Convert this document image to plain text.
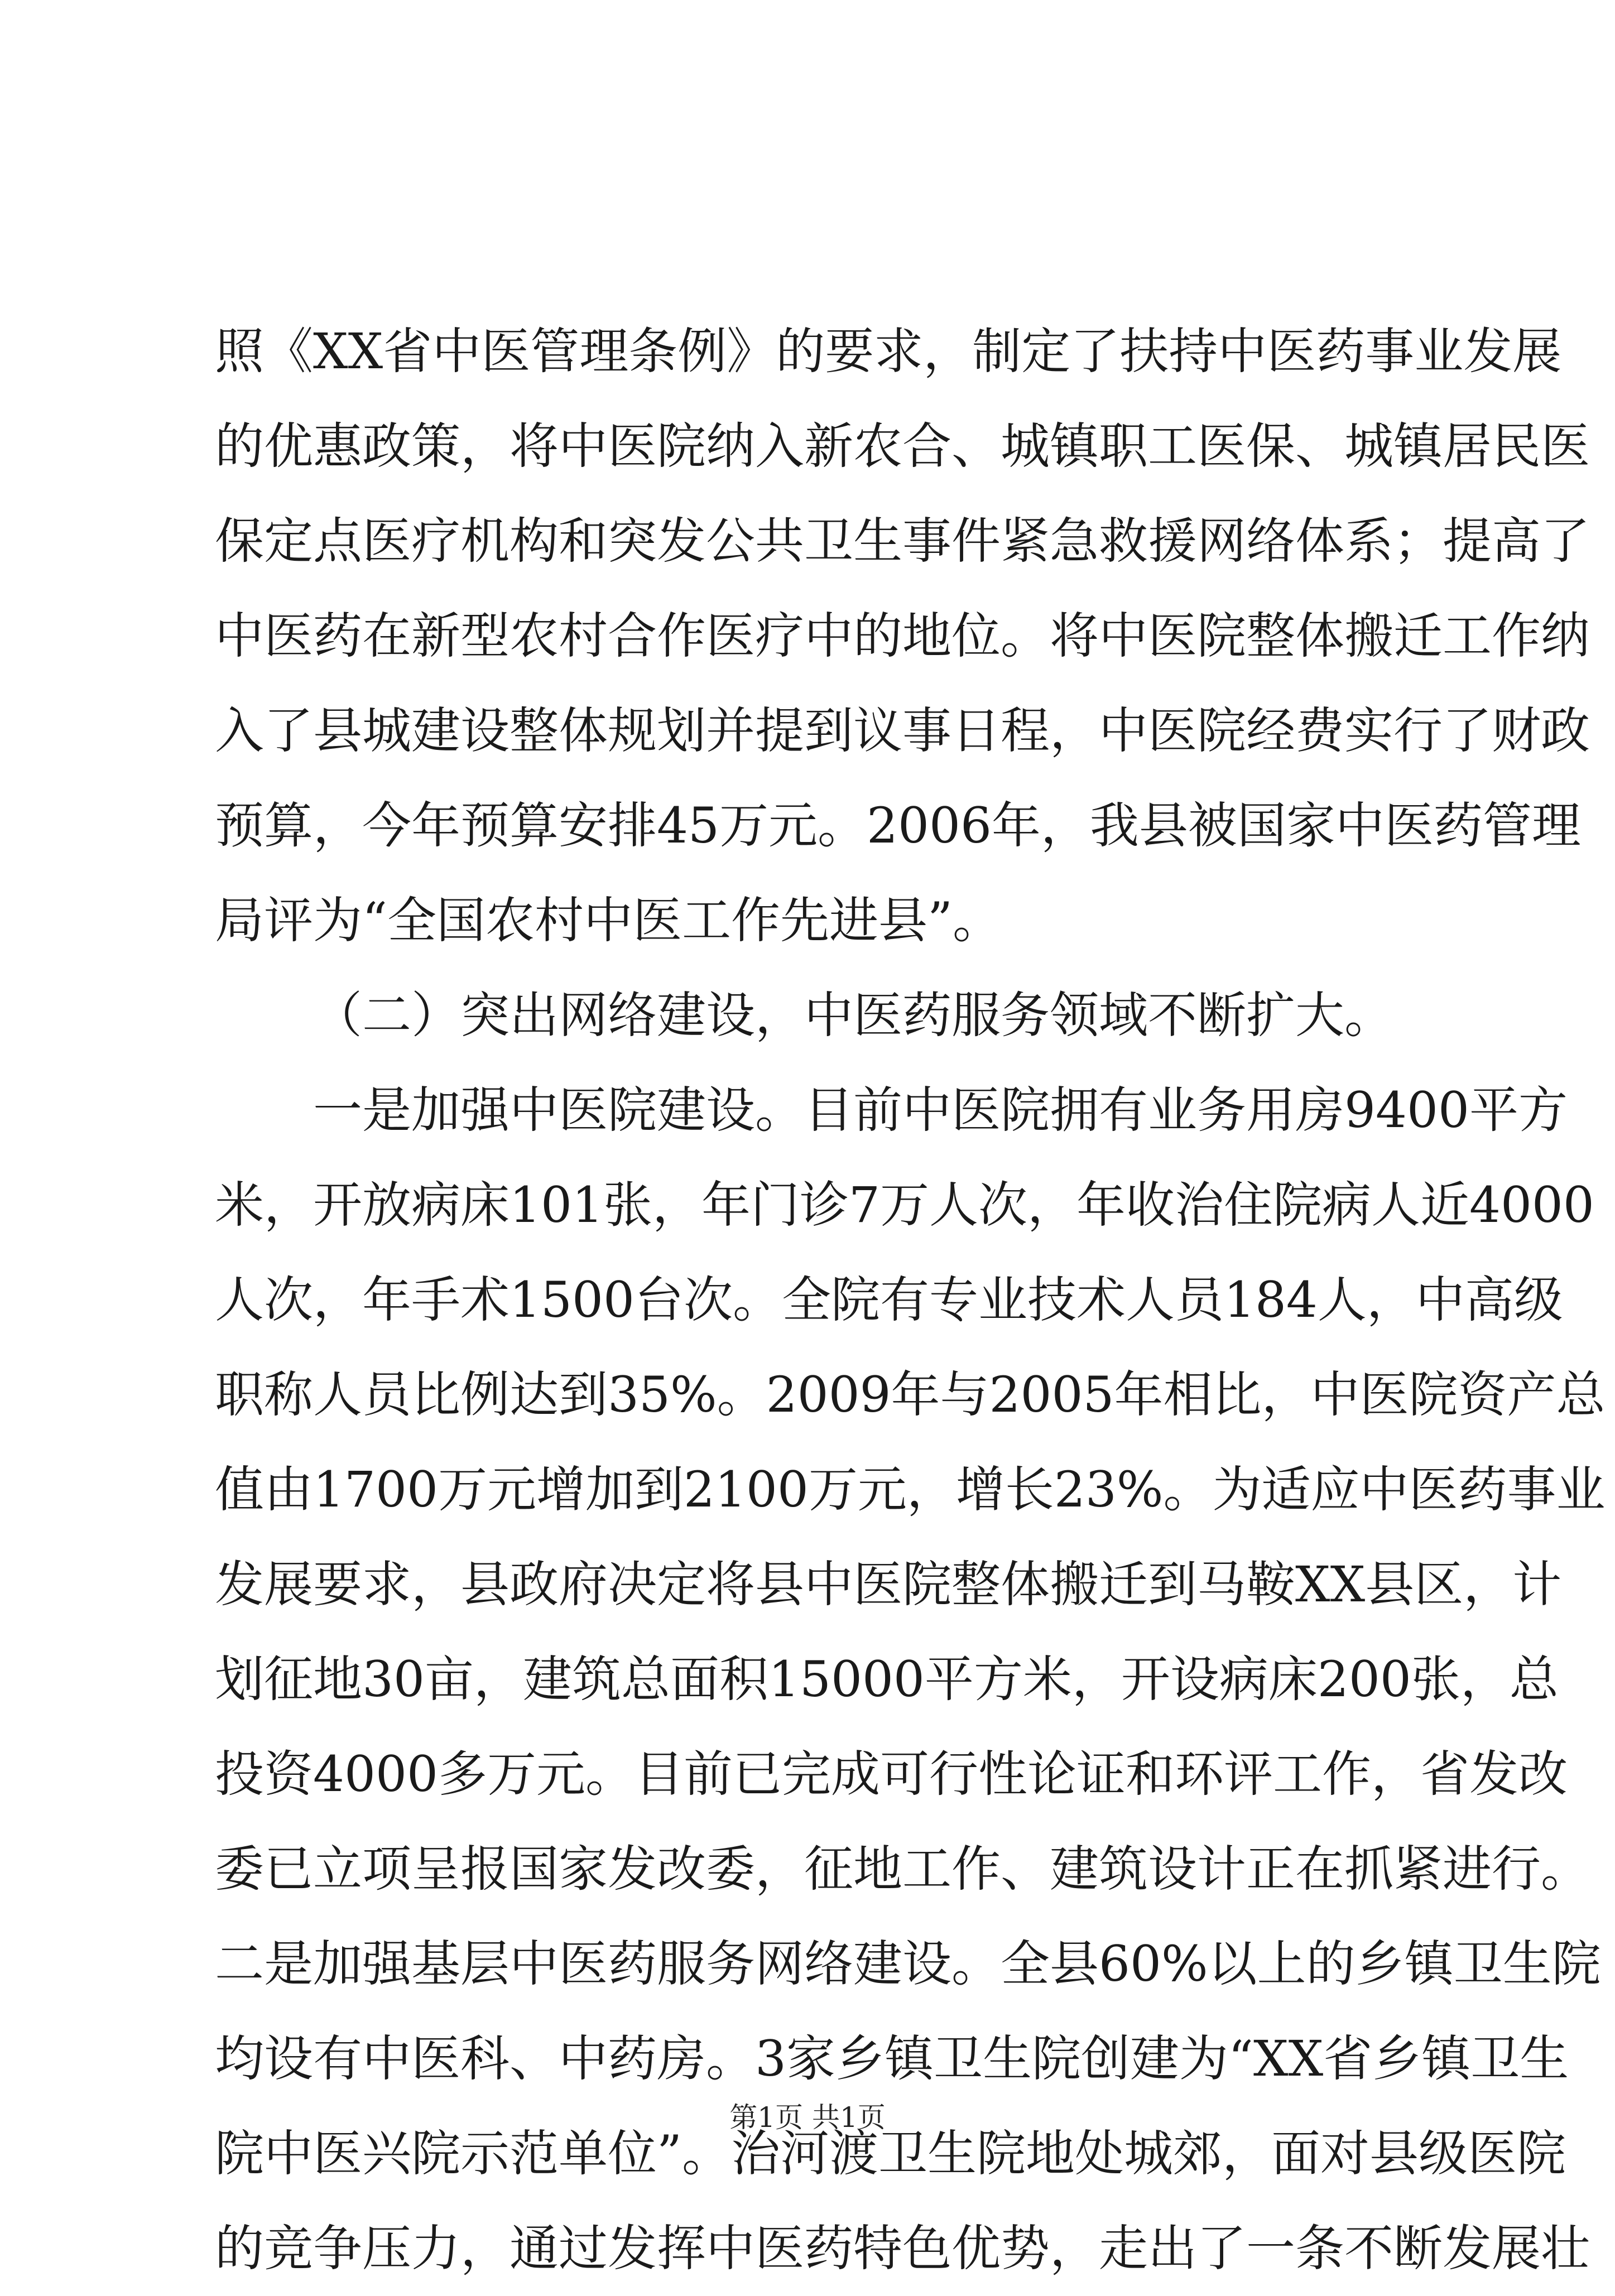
照《XX省中医管理条例》的要求，制定了扶持中医药事业发展
的优惠政策，将中医院纳入新农合、城镇职工医保、城镇居民医
保定点医疗机构和突发公共卫生事件紧急救援网络体系；提高了
中医药在新型农村合作医疗中的地位。将中医院整体搬迁工作纳
入了县城建设整体规划并提到议事日程，中医院经费实行了财政
预算，今年预算安排45万元。2006年，我县被国家中医药管理
局评为“全国农村中医工作先进县”。
（二）突出网络建设，中医药服务领域不断扩大。
一是加强中医院建设。目前中医院拥有业务用房9400平方
米，开放病床101张，年门诊7万人次，年收治住院病人近4000
人次，年手术1500台次。全院有专业技术人员184人，中高级
职称人员比例达到35%。2009年与2005年相比，中医院资产总
值由1700万元增加到2100万元，增长23%。为适应中医药事业
发展要求，县政府决定将县中医院整体搬迁到马鞍XX县区，计
划征地30亩，建筑总面积15000平方米，开设病床200张，总
投资4000多万元。目前已完成可行性论证和环评工作，省发改
委已立项呈报国家发改委，征地工作、建筑设计正在抓紧进行。
二是加强基层中医药服务网络建设。全县60%以上的乡镇卫生院
均设有中医科、中药房。3家乡镇卫生院创建为“XX省乡镇卫生
院中医兴院示范单位”。治河渡卫生院地处城郊，面对县级医院
的竞争压力，通过发挥中医药特色优势，走出了一条不断发展壮
第1页 共1页
